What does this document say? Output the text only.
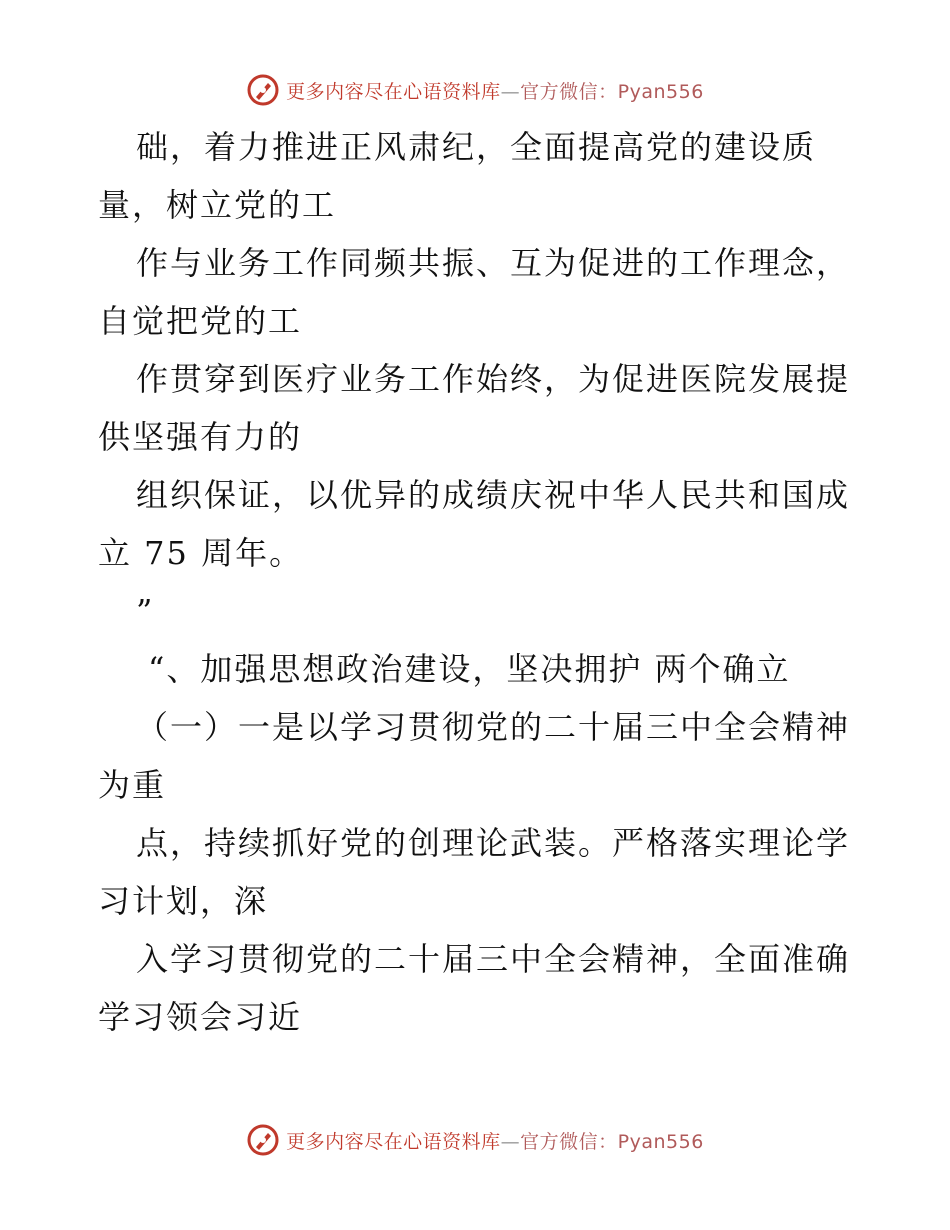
更多内容尽在心语资料库—官方微信：Pyan556
础，着力推进正风肃纪，全面提高党的建设质
量，树立党的工
作与业务工作同频共振、互为促进的工作理念，
自觉把党的工
作贯穿到医疗业务工作始终，为促进医院发展提
供坚强有力的
组织保证，以优异的成绩庆祝中华人民共和国成
立 75 周年。
”
“、加强思想政治建设，坚决拥护 两个确立
（一）一是以学习贯彻党的二十届三中全会精神
为重
点，持续抓好党的创理论武装。严格落实理论学
习计划，深
入学习贯彻党的二十届三中全会精神，全面准确
学习领会习近
更多内容尽在心语资料库—官方微信：Pyan556
